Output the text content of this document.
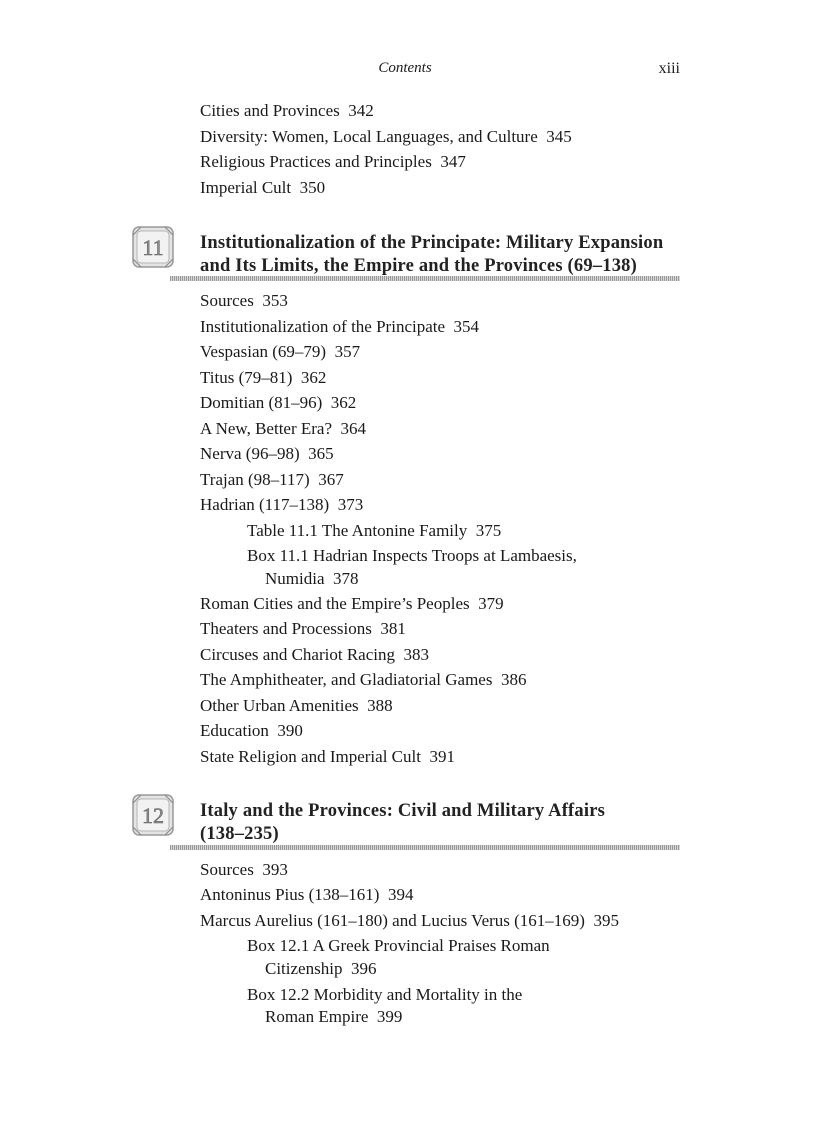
Contents	xiii
Cities and Provinces 342
Diversity: Women, Local Languages, and Culture 345
Religious Practices and Principles 347
Imperial Cult 350
11 Institutionalization of the Principate: Military Expansion
and Its Limits, the Empire and the Provinces (69–138)
Sources 353
Institutionalization of the Principate 354
Vespasian (69–79) 357
Titus (79–81) 362
Domitian (81–96) 362
A New, Better Era? 364
Nerva (96–98) 365
Trajan (98–117) 367
Hadrian (117–138) 373
Table 11.1 The Antonine Family 375
Box 11.1 Hadrian Inspects Troops at Lambaesis,
Numidia 378
Roman Cities and the Empire’s Peoples 379
Theaters and Processions 381
Circuses and Chariot Racing 383
The Amphitheater, and Gladiatorial Games 386
Other Urban Amenities 388
Education 390
State Religion and Imperial Cult 391
12 Italy and the Provinces: Civil and Military Affairs
(138–235)
Sources 393
Antoninus Pius (138–161) 394
Marcus Aurelius (161–180) and Lucius Verus (161–169) 395
Box 12.1 A Greek Provincial Praises Roman
Citizenship 396
Box 12.2 Morbidity and Mortality in the
Roman Empire 399
